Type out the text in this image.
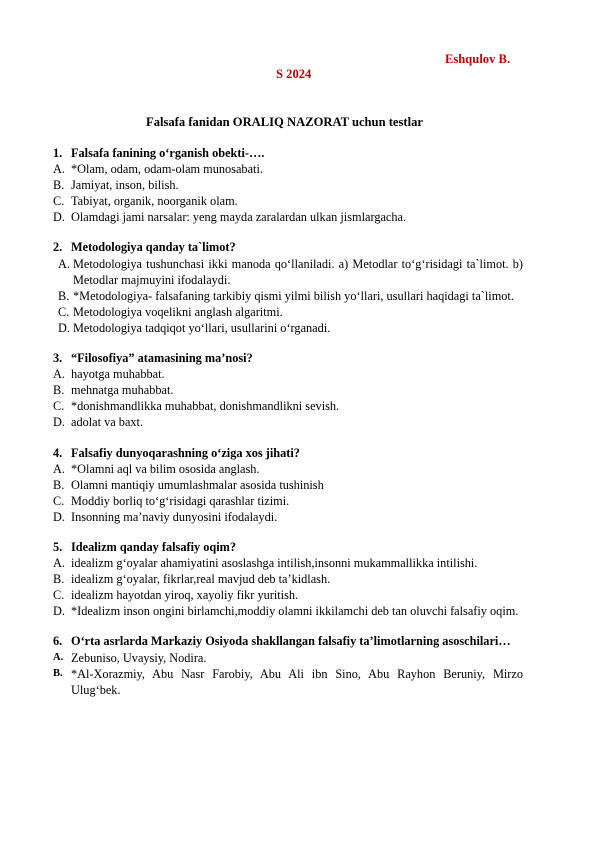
Eshqulov B.
S 2024
Falsafa fanidan ORALIQ NAZORAT uchun testlar
1. Falsafa fanining o‘rganish obekti-….
A. *Olam, odam, odam-olam munosabati.
B. Jamiyat, inson, bilish.
C. Tabiyat, organik, noorganik olam.
D. Olamdagi jami narsalar: yeng mayda zaralardan ulkan jismlargacha.
2. Metodologiya qanday ta`limot?
A. Metodologiya tushunchasi ikki manoda qo‘llaniladi. a) Metodlar to‘g‘risidagi ta`limot. b) Metodlar majmuyini ifodalaydi.
B. *Metodologiya- falsafaning tarkibiy qismi yilmi bilish yo‘llari, usullari haqidagi ta`limot.
C. Metodologiya voqelikni anglash algaritmi.
D. Metodologiya tadqiqot yo‘llari, usullarini o‘rganadi.
3. “Filosofiya” atamasining ma’nosi?
A. hayotga muhabbat.
B. mehnatga muhabbat.
C. *donishmandlikka muhabbat, donishmandlikni sevish.
D. adolat va baxt.
4. Falsafiy dunyoqarashning o‘ziga xos jihati?
A. *Olamni aql va bilim ososida anglash.
B. Olamni mantiqiy umumlashmalar asosida tushinish
C. Moddiy borliq to‘g‘risidagi qarashlar tizimi.
D. Insonning ma’naviy dunyosini ifodalaydi.
5. Idealizm qanday falsafiy oqim?
A. idealizm g‘oyalar ahamiyatini asoslashga intilish,insonni mukammallikka intilishi.
B. idealizm g‘oyalar, fikrlar,real mavjud deb ta’kidlash.
C. idealizm hayotdan yiroq, xayoliy fikr yuritish.
D. *Idealizm inson ongini birlamchi,moddiy olamni ikkilamchi deb tan oluvchi falsafiy oqim.
6. O‘rta asrlarda Markaziy Osiyoda shakllangan falsafiy ta’limotlarning asoschilari…
A. Zebuniso, Uvaysiy, Nodira.
B. *Al-Xorazmiy, Abu Nasr Farobiy, Abu Ali ibn Sino, Abu Rayhon Beruniy, Mirzo Ulug‘bek.
